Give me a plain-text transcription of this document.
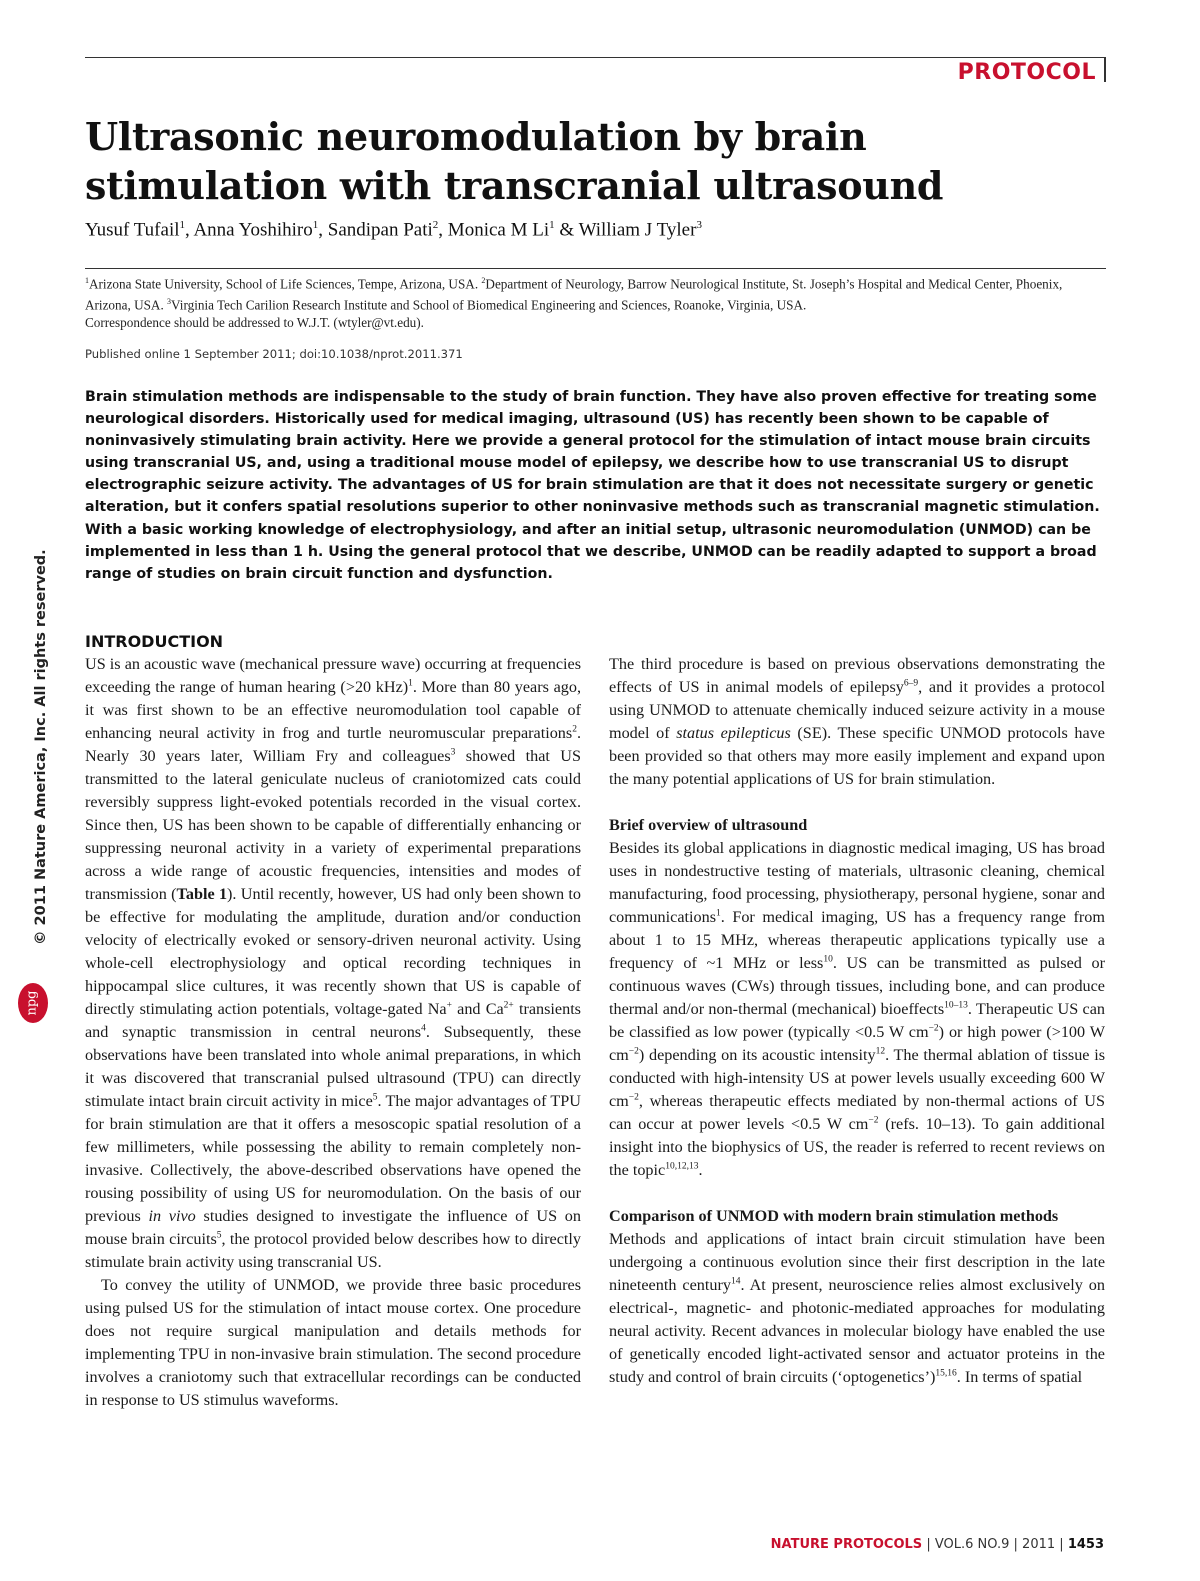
PROTOCOL
Ultrasonic neuromodulation by brain stimulation with transcranial ultrasound
Yusuf Tufail$^1$, Anna Yoshihiro$^1$, Sandipan Pati$^2$, Monica M Li$^1$ & William J Tyler$^3$
$^1$Arizona State University, School of Life Sciences, Tempe, Arizona, USA. $^2$Department of Neurology, Barrow Neurological Institute, St. Joseph’s Hospital and Medical Center, Phoenix, Arizona, USA. $^3$Virginia Tech Carilion Research Institute and School of Biomedical Engineering and Sciences, Roanoke, Virginia, USA.
Correspondence should be addressed to W.J.T. (wtyler@vt.edu).
Published online 1 September 2011; doi:10.1038/nprot.2011.371

Brain stimulation methods are indispensable to the study of brain function. They have also proven effective for treating some neurological disorders. Historically used for medical imaging, ultrasound (US) has recently been shown to be capable of noninvasively stimulating brain activity. Here we provide a general protocol for the stimulation of intact mouse brain circuits using transcranial US, and, using a traditional mouse model of epilepsy, we describe how to use transcranial US to disrupt electrographic seizure activity. The advantages of US for brain stimulation are that it does not necessitate surgery or genetic alteration, but it confers spatial resolutions superior to other noninvasive methods such as transcranial magnetic stimulation. With a basic working knowledge of electrophysiology, and after an initial setup, ultrasonic neuromodulation (UNMOD) can be implemented in less than 1 h. Using the general protocol that we describe, UNMOD can be readily adapted to support a broad range of studies on brain circuit function and dysfunction.

© 2011 Nature America, Inc. All rights reserved.
npg
INTRODUCTION

US is an acoustic wave (mechanical pressure wave) occurring at frequencies exceeding the range of human hearing (>20 kHz)$^1$. More than 80 years ago, it was first shown to be an effective neuromodulation tool capable of enhancing neural activity in frog and turtle neuromuscular preparations$^2$. Nearly 30 years later, William Fry and colleagues$^3$ showed that US transmitted to the lateral geniculate nucleus of craniotomized cats could reversibly suppress light-evoked potentials recorded in the visual cortex. Since then, US has been shown to be capable of differentially enhancing or suppressing neuronal activity in a variety of experimental preparations across a wide range of acoustic frequencies, intensities and modes of transmission (Table 1). Until recently, however, US had only been shown to be effective for modulating the amplitude, duration and/or conduction velocity of electrically evoked or sensory-driven neuronal activity. Using whole-cell electrophysiology and optical recording techniques in hippocampal slice cultures, it was recently shown that US is capable of directly stimulating action potentials, voltage-gated Na+ and $Ca^{2+}$ transients and synaptic transmission in central neurons$^4$. Subsequently, these observations have been translated into whole animal preparations, in which it was discovered that transcranial pulsed ultrasound (TPU) can directly stimulate intact brain circuit activity in mice$^5$. The major advantages of TPU for brain stimulation are that it offers a mesoscopic spatial resolution of a few millimeters, while possessing the ability to remain completely non-invasive. Collectively, the above-described observations have opened the rousing possibility of using US for neuromodulation. On the basis of our previous in vivo studies designed to investigate the influence of US on mouse brain circuits$^5$, the protocol provided below describes how to directly stimulate brain activity using transcranial US.

To convey the utility of UNMOD, we provide three basic procedures using pulsed US for the stimulation of intact mouse cortex. One procedure does not require surgical manipulation and details methods for implementing TPU in non-invasive brain stimulation. The second procedure involves a craniotomy such that extracellular recordings can be conducted in response to US stimulus waveforms.

The third procedure is based on previous observations demonstrating the effects of US in animal models of epilepsy$^{6-9}$, and it provides a protocol using UNMOD to attenuate chemically induced seizure activity in a mouse model of status epilepticus (SE). These specific UNMOD protocols have been provided so that others may more easily implement and expand upon the many potential applications of US for brain stimulation.

Brief overview of ultrasound

Besides its global applications in diagnostic medical imaging, US has broad uses in nondestructive testing of materials, ultrasonic cleaning, chemical manufacturing, food processing, physiotherapy, personal hygiene, sonar and communications$^1$. For medical imaging, US has a frequency range from about 1 to 15 MHz, whereas therapeutic applications typically use a frequency of ~1 MHz or less$^{10}$. US can be transmitted as pulsed or continuous waves (CWs) through tissues, including bone, and can produce thermal and/or non-thermal (mechanical) bioeffects$^{10-13}$. Therapeutic US can be classified as low power (typically <0.5 W $cm^{-2}$) or high power (>100 W $cm^{-2}$) depending on its acoustic intensity$^{12}$. The thermal ablation of tissue is conducted with high-intensity US at power levels usually exceeding 600 W $cm^{-2}$, whereas therapeutic effects mediated by non-thermal actions of US can occur at power levels <0.5 W $cm^{-2}$ (refs. 10–13). To gain additional insight into the biophysics of US, the reader is referred to recent reviews on the topic$^{10,12,13}$.

Comparison of UNMOD with modern brain stimulation methods

Methods and applications of intact brain circuit stimulation have been undergoing a continuous evolution since their first description in the late nineteenth century$^{14}$. At present, neuroscience relies almost exclusively on electrical-, magnetic- and photonic-mediated approaches for modulating neural activity. Recent advances in molecular biology have enabled the use of genetically encoded light-activated sensor and actuator proteins in the study and control of brain circuits (‘optogenetics’)$^{15,16}$. In terms of spatial

NATURE PROTOCOLS | VOL.6 NO.9 | 2011 | 1453
